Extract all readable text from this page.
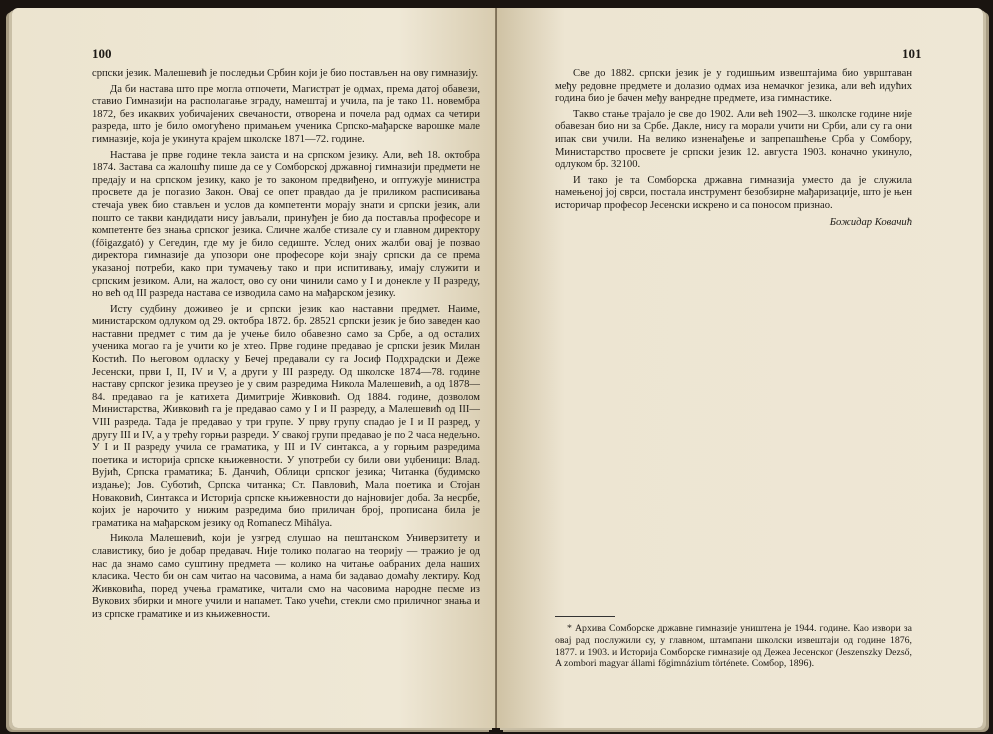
100

српски језик. Малешевић је последњи Србин који је био постављен на ову гимназију.

Да би настава што пре могла отпочети, Магистрат је одмах, према датој обавези, ставио Гимназији на располагање зграду, намештај и учила, па је тако 11. новембра 1872, без икаквих уобичајених свечаности, отворена и почела рад одмах са четири разреда, што је било омогућено примањем ученика Српско-мађарске варошке мале гимназије, која је укинута крајем школске 1871—72. године.

Настава је прве године текла заиста и на српском језику. Али, већ 18. октобра 1874. Застава са жалошћу пише да се у Сомборској државној гимназији предмети не предају и на српском језику, како је то законом предвиђено, и оптужује министра просвете да је погазио Закон. Овај се опет правдао да је приликом расписивања стечаја увек био стављен и услов да компетенти морају знати и српски језик, али пошто се такви кандидати нису јављали, принуђен је био да поставља професоре и компетенте без знања српског језика. Сличне жалбе стизале су и главном директору (főigazgató) у Сегедин, где му је било седиште. Услед оних жалби овај је позвао директора гимназије да упозори оне професоре који знају српски да се према указаној потреби, како при тумачењу тако и при испитивању, имају служити и српским језиком. Али, на жалост, ово су они чинили само у I и донекле у II разреду, но већ од III разреда настава се изводила само на мађарском језику.

Исту судбину доживео је и српски језик као наставни предмет. Наиме, министарском одлуком од 29. октобра 1872. бр. 28521 српски језик је био заведен као наставни предмет с тим да је учење било обавезно само за Србе, а од осталих ученика могао га је учити ко је хтео. Прве године предавао је српски језик Милан Костић. По његовом одласку у Бечеј предавали су га Јосиф Подхрадски и Деже Јесенски, први I, II, IV и V, а други у III разреду. Од школске 1874—78. године наставу српског језика преузео је у свим разредима Никола Малешевић, а од 1878—84. предавао га је катихета Димитрије Живковић. Од 1884. године, дозволом Министарства, Живковић га је предавао само у I и II разреду, а Малешевић од III—VIII разреда. Тада је предавао у три групе. У прву групу спадао је I и II разред, у другу III и IV, а у трећу горњи разреди. У свакој групи предавао је по 2 часа недељно. У I и II разреду учила се граматика, у III и IV синтакса, а у горњим разредима поетика и историја српске књижевности. У употреби су били ови уџбеници: Влад. Вујић, Српска граматика; Б. Данчић, Облици српског језика; Читанка (будимско издање); Јов. Суботић, Српска читанка; Ст. Павловић, Мала поетика и Стојан Новаковић, Синтакса и Историја српске књижевности до најновијег доба. За несрбе, којих је нарочито у нижим разредима био приличан број, прописана била је граматика на мађарском језику од Romanecz Mihálya.

Никола Малешевић, који је узгред слушао на пештанском Универзитету и славистику, био је добар предавач. Није толико полагао на теорију — тражио је од нас да знамо само суштину предмета — колико на читање оабраних дела наших класика. Често би он сам читао на часовима, а нама би задавао домаћу лектиру. Код Живковића, поред учења граматике, читали смо на часовима народне песме из Вукових збирки и многе учили и напамет. Тако учећи, стекли смо приличног знања и из српске граматике и из књижевности.

101

Све до 1882. српски језик је у годишњим извештајима био уврштаван међу редовне предмете и долазио одмах иза немачког језика, али већ идућих година био је бачен међу ванредне предмете, иза гимнастике.

Такво стање трајало је све до 1902. Али већ 1902—3. школске године није обавезан био ни за Србе. Дакле, нису га морали учити ни Срби, али су га они ипак сви учили. На велико изненађење и запрепашћење Срба у Сомбору, Министарство просвете је српски језик 12. августа 1903. коначно укинуло, одлуком бр. 32100.

И тако је та Сомборска државна гимназија уместо да је служила намењеној јој сврси, постала инструмент безобзирне мађаризације, што је њен историчар професор Јесенски искрено и са поносом признао.

Божидар Ковачић

* Архива Сомборске државне гимназије уништена је 1944. године. Као извори за овај рад послужили су, у главном, штампани школски извештаји од године 1876, 1877. и 1903. и Историја Сомборске гимназије од Дежеа Јесенског (Jeszenszky Dezső, A zombori magyar állami főgimnázium története. Сомбор, 1896).
